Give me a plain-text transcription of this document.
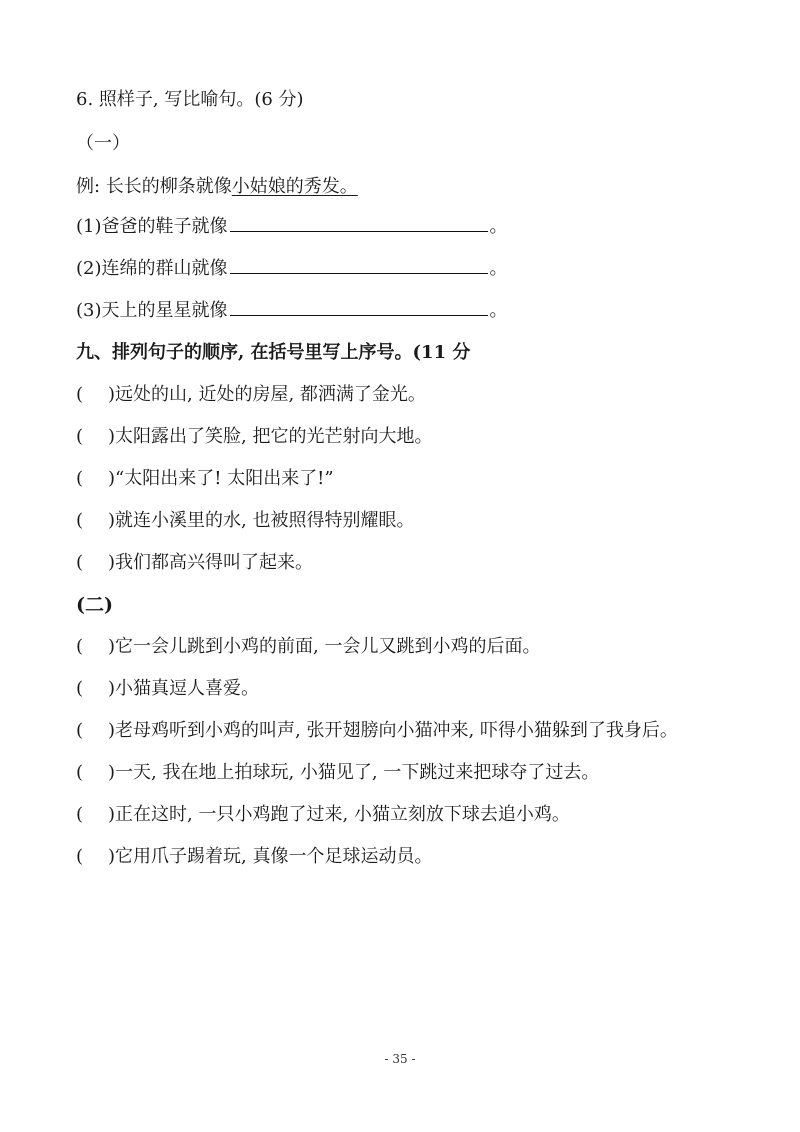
6. 照样子, 写比喻句。(6 分)
（一）
例: 长长的柳条就像小姑娘的秀发。
(1)爸爸的鞋子就像	。
(2)连绵的群山就像	。
(3)天上的星星就像	。
九、排列句子的顺序, 在括号里写上序号。(11 分
( )远处的山, 近处的房屋, 都洒满了金光。
( )太阳露出了笑脸, 把它的光芒射向大地。
( )“太阳出来了! 太阳出来了!”
( )就连小溪里的水, 也被照得特别耀眼。
( )我们都高兴得叫了起来。
(二)
( )它一会儿跳到小鸡的前面, 一会儿又跳到小鸡的后面。
( )小猫真逗人喜爱。
( )老母鸡听到小鸡的叫声, 张开翅膀向小猫冲来, 吓得小猫躲到了我身后。
( )一天, 我在地上拍球玩, 小猫见了, 一下跳过来把球夺了过去。
( )正在这时, 一只小鸡跑了过来, 小猫立刻放下球去追小鸡。
( )它用爪子踢着玩, 真像一个足球运动员。
- 35 -
